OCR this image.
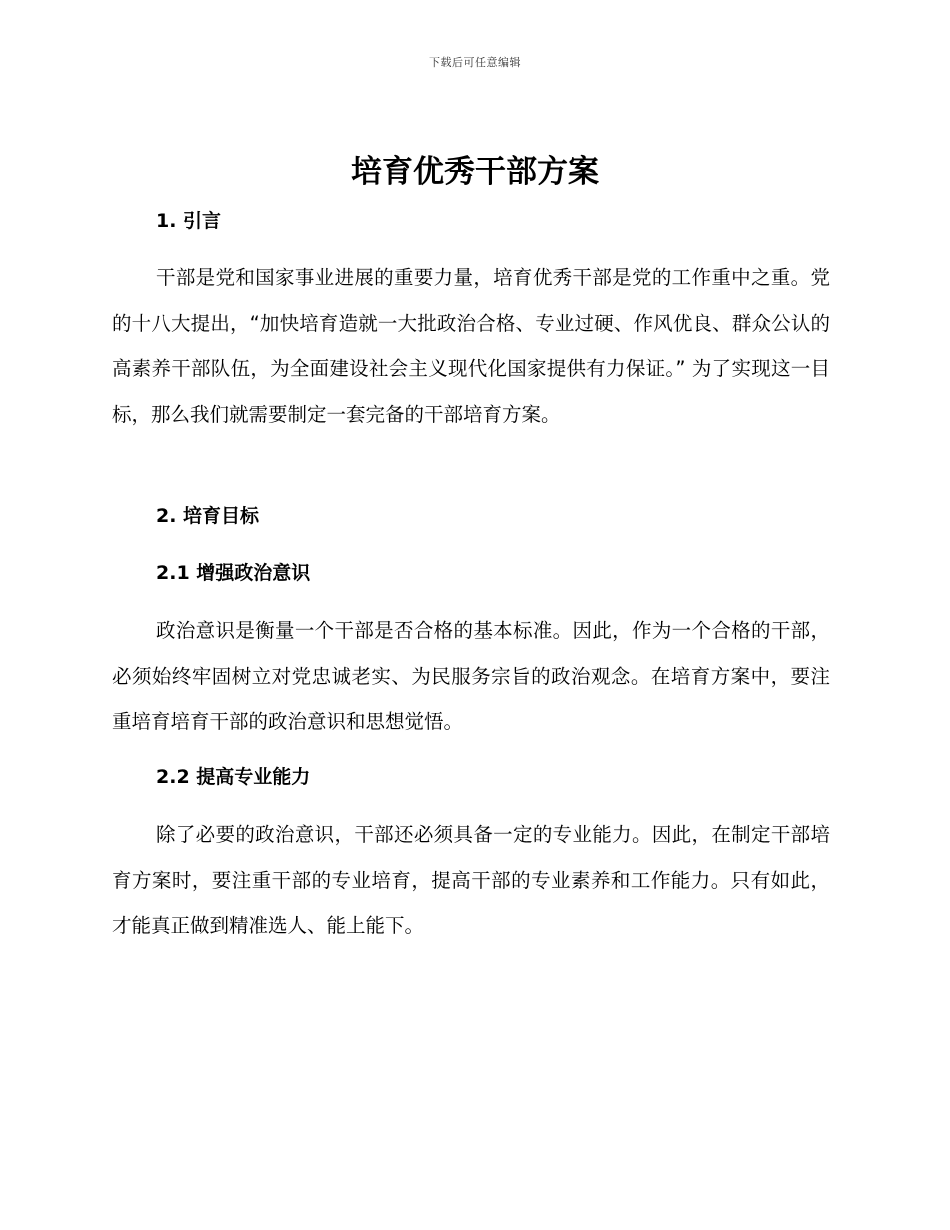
下载后可任意编辑
培育优秀干部方案
1. 引言

干部是党和国家事业进展的重要力量，培育优秀干部是党的工作重中之重。党的十八大提出，“加快培育造就一大批政治合格、专业过硬、作风优良、群众公认的高素养干部队伍，为全面建设社会主义现代化国家提供有力保证。” 为了实现这一目标，那么我们就需要制定一套完备的干部培育方案。

2. 培育目标
2.1 增强政治意识

政治意识是衡量一个干部是否合格的基本标准。因此，作为一个合格的干部，必须始终牢固树立对党忠诚老实、为民服务宗旨的政治观念。在培育方案中，要注重培育培育干部的政治意识和思想觉悟。

2.2 提高专业能力

除了必要的政治意识，干部还必须具备一定的专业能力。因此，在制定干部培育方案时，要注重干部的专业培育，提高干部的专业素养和工作能力。只有如此，才能真正做到精准选人、能上能下。
